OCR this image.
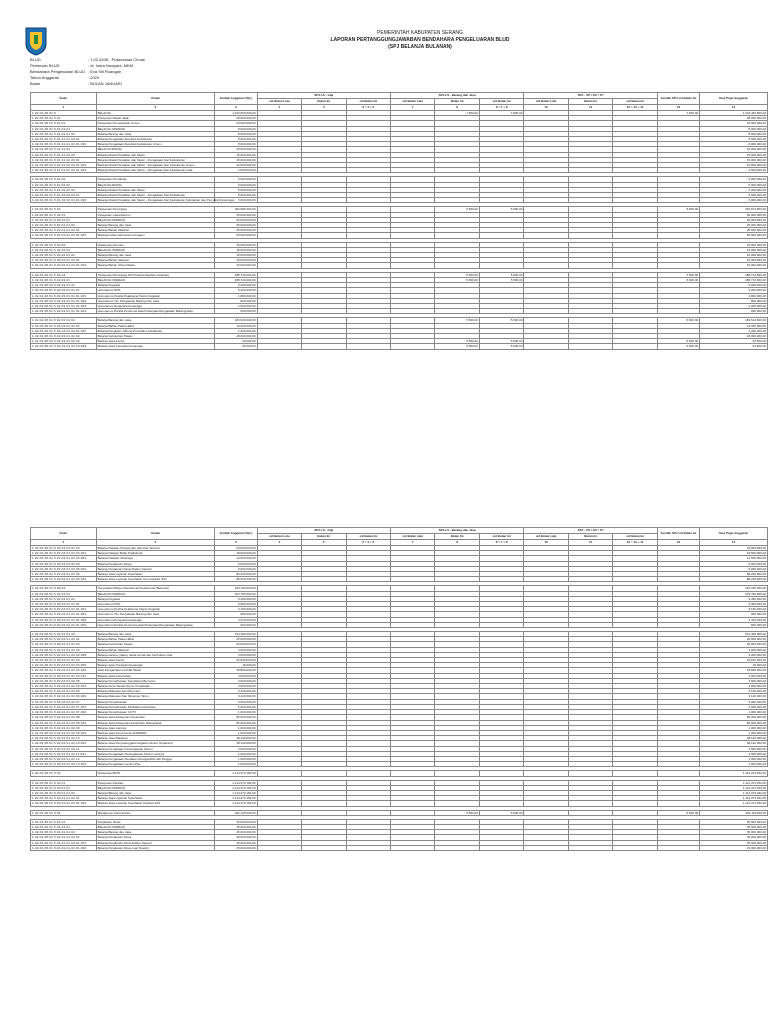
PEMERINTAH KABUPATEN SERANG
LAPORAN PERTANGGUNGJAWABAN BENDAHARA PENGELUARAN BLUD
(SPJ BELANJA BULANAN)
BLUD	: 1.02.0408 - Puskesmas Ciruas
Pemimpin BLUD	: dr. Indra Noviyani, MKM
Bendahara Pengeluaran BLUD : Eva Siti Ruangah
Tahun Anggaran	: 2020
Bulan	: BULAN JANUARI
Kode	Uraian	Jumlah Anggaran (Rp.)	SPJ-LS - Gaji			SPJ-LS - Barang dan Jasa			SPJ - UP / GU / TU			Jumlah SPJ s/d Bulan Ini	Sisa Pagu Anggaran
			s/d Bulan Lalu	Bulan Ini	s/d Bulan Ini	s/d Bulan Lalu	Bulan Ini	s/d Bulan Ini	s/d Bulan Lalu	Bulan Ini	s/d Bulan Ini		
1	2	3	4	5	6 = 4 + 5	7	8	9 = 7 + 8	10	11	12 = 10 + 11	13	14
1.02.02.08.01.5	BELANJA	1.103.500.000,00					7.500,00	7.500,00				7.500,00	1.103.492.500,00
1.02.02.08.01.5.01	Pelayanan Rawat Jalan	28.000.000,00											28.000.000,00
1.02.02.08.01.5.01.01	Pelayanan Pemeriksaan Umum	23.000.000,00											23.000.000,00
1.02.02.08.01.5.01.01.01	BELANJA OPERASI	8.000.000,00											8.000.000,00
1.02.02.08.01.5.01.01.01.02	Belanja Barang dan Jasa	8.000.000,00											8.000.000,00
1.02.02.08.01.5.01.01.01.02.01	Belanja Pengadaan Alat-Alat Kedokteran	8.000.000,00											8.000.000,00
1.02.02.08.01.5.01.01.01.02.01.001	Belanja Pengadaan Alat-Alat Kedokteran Umum	8.000.000,00											8.000.000,00
1.02.02.08.01.5.01.01.02	BELANJA MODAL	15.000.000,00											15.000.000,00
1.02.02.08.01.5.01.01.02.03	Belanja Modal Peralatan dan Mesin	15.000.000,00											15.000.000,00
1.02.02.08.01.5.01.01.02.03.01	Belanja Modal Peralatan dan Mesin - Pengadaan Alat Kedokteran	15.000.000,00											15.000.000,00
1.02.02.08.01.5.01.01.02.03.01.001	Belanja Modal Peralatan dan Mesin - Pengadaan Alat Kedokteran Umum	12.500.000,00											12.500.000,00
1.02.02.08.01.5.01.01.02.03.01.002	Belanja Modal Peralatan dan Mesin - Pengadaan Alat Kedokteran Anak	2.500.000,00											2.500.000,00

1.02.02.08.01.5.01.02	Pelayanan Persalinan	5.000.000,00											5.000.000,00
1.02.02.08.01.5.01.02.02	BELANJA MODAL	5.000.000,00											5.000.000,00
1.02.02.08.01.5.01.02.02.03	Belanja Modal Peralatan dan Mesin	5.000.000,00											5.000.000,00
1.02.02.08.01.5.01.02.02.03.01	Belanja Modal Peralatan dan Mesin - Pengadaan Alat Kedokteran	5.000.000,00											5.000.000,00
1.02.02.08.01.5.01.02.02.03.01.003	Belanja Modal Peralatan dan Mesin - Pengadaan Alat Kedokteran Kebidanan dan Penyakit Kandungan	5.000.000,00											5.000.000,00

1.02.02.08.01.5.02	Pelayanan Penunjang	302.680.000,00					5.500,00	5.500,00				5.500,00	302.674.500,00
1.02.02.08.01.5.02.01	Pelayanan Laboratorium	25.000.000,00											25.000.000,00
1.02.02.08.01.5.02.01.01	BELANJA OPERASI	25.000.000,00											25.000.000,00
1.02.02.08.01.5.02.01.01.02	Belanja Barang dan Jasa	25.000.000,00											25.000.000,00
1.02.02.08.01.5.02.01.01.02.01	Belanja Bahan Material	25.000.000,00											25.000.000,00
1.02.02.08.01.5.02.01.01.02.01.007	Belanja bahan laboratorium/reagen	25.000.000,00											25.000.000,00

1.02.02.08.01.5.02.02	Pelayanan Farmasi	15.000.000,00											15.000.000,00
1.02.02.08.01.5.02.02.01	BELANJA OPERASI	15.000.000,00											15.000.000,00
1.02.02.08.01.5.02.02.01.02	Belanja Barang dan Jasa	15.000.000,00											15.000.000,00
1.02.02.08.01.5.02.02.01.02.01	Belanja Bahan Material	15.000.000,00											15.000.000,00
1.02.02.08.01.5.02.02.01.02.01.004	Belanja Bahan Obat-Obatan	15.000.000,00											15.000.000,00

1.02.02.08.01.5.02.03	Pelayanan Penunjang JKN Puskesmas(Non Kapitasi)	188.720.000,00					5.500,00	5.500,00				5.500,00	188.714.500,00
1.02.02.08.01.5.02.03.01	BELANJA OPERASI	188.720.000,00					5.500,00	5.500,00				5.500,00	188.714.500,00
1.02.02.08.01.5.02.03.01.01	Belanja Pegawai	5.200.000,00											5.200.000,00
1.02.02.08.01.5.02.03.01.01.01	Honorarium PNS	5.200.000,00											5.200.000,00
1.02.02.08.01.5.02.03.01.01.01.001	Honorarium Panitia Pelaksana Teknis Kegiatan	1.800.000,00											1.800.000,00
1.02.02.08.01.5.02.03.01.01.01.002	Honorarium Tim Pengadaan Barang Dan Jasa	800.000,00											800.000,00
1.02.02.08.01.5.02.03.01.01.01.003	Honorarium Pengelola Keuangan	2.000.000,00											2.000.000,00
1.02.02.08.01.5.02.03.01.01.01.004	Honorarium Panitia Penerima Hasil Pekerjaan/Pengadaan Barang/Jasa	600.000,00											600.000,00

1.02.02.08.01.5.02.03.01.02	Belanja Barang dan Jasa	183.520.000,00					5.500,00	5.500,00				5.500,00	183.514.500,00
1.02.02.08.01.5.02.03.01.02.01	Belanja Bahan Pakai Habis	13.230.000,00											13.230.000,00
1.02.02.08.01.5.02.03.01.02.01.007	Belanja Pengisian Tabung Pemadam Kebakaran	2.230.000,00											2.230.000,00
1.02.02.08.01.5.02.03.01.02.02	Belanja Kebutuhan Pasien	18.000.000,00											18.000.000,00
1.02.02.08.01.5.02.03.01.02.03	Belanja Jasa Kantor	60.000,00					5.500,00	5.500,00				5.500,00	54.500,00
1.02.02.08.01.5.02.03.01.02.03.009	Belanja Jasa Transaksi Keuangan	60.000,00					5.500,00	5.500,00				5.500,00	54.500,00
Kode	Uraian	Jumlah Anggaran (Rp.)	SPJ-LS - Gaji			SPJ-LS - Barang dan Jasa			SPJ - UP / GU / TU			Jumlah SPJ s/d Bulan Ini	Sisa Pagu Anggaran
			s/d Bulan Lalu	Bulan Ini	s/d Bulan Ini	s/d Bulan Lalu	Bulan Ini	s/d Bulan Ini	s/d Bulan Lalu	Bulan Ini	s/d Bulan Ini		
1	2	3	4	5	6 = 4 + 5	7	8	9 = 7 + 8	10	11	12 = 10 + 11	13	14
1.02.02.08.01.5.02.03.01.02.04	Belanja Pakaian Khusus dan Hari-hari Tertentu	33.000.000,00											33.000.000,00
1.02.02.08.01.5.02.03.01.02.04.001	Belanja Pakaian Batik Tradisional	18.500.000,00											18.500.000,00
1.02.02.08.01.5.02.03.01.02.04.002	Belanja Pakaian Olahraga	14.500.000,00											14.500.000,00
1.02.02.08.01.5.02.03.01.02.05	Belanja Perjalanan Dinas	5.000.000,00											5.000.000,00
1.02.02.08.01.5.02.03.01.02.05.001	Belanja Perjalanan Dinas Dalam Daerah	5.000.000,00											5.000.000,00
1.02.02.08.01.5.02.03.01.02.06	Belanja Jasa Layanan Kesehatan	89.229.000,00											89.229.000,00
1.02.02.08.01.5.02.03.01.02.06.001	Belanja Jasa Layanan Kesehatan Non Kapitasi JKN	89.229.000,00											89.229.000,00

1.02.02.08.01.5.02.04	Penyediaan Biaya Operasional Puskesmas (Bantuan)	223.760.000,00											223.760.000,00
1.02.02.08.01.5.02.04.01	BELANJA OPERASI	223.760.000,00											223.760.000,00
1.02.02.08.01.5.02.04.01.01	Belanja Pegawai	9.360.000,00											9.360.000,00
1.02.02.08.01.5.02.04.01.01.01	Honorarium PNS	9.360.000,00											9.360.000,00
1.02.02.08.01.5.02.04.01.01.01.001	Honorarium Panitia Pelaksana Teknis Kegiatan	3.150.000,00											3.150.000,00
1.02.02.08.01.5.02.04.01.01.01.002	Honorarium Tim Pengadaan Barang Dan Jasa	900.000,00											900.000,00
1.02.02.08.01.5.02.04.01.01.01.003	Honorarium Pengelola Keuangan	4.410.000,00											4.410.000,00
1.02.02.08.01.5.02.04.01.01.01.004	Honorarium Panitia Penerima Hasil Pekerjaan/Pengadaan Barang/Jasa	900.000,00											900.000,00

1.02.02.08.01.5.02.04.01.02	Belanja Barang dan Jasa	214.400.000,00											214.400.000,00
1.02.02.08.01.5.02.04.01.02.01	Belanja Bahan Pakai Habis	25.000.000,00											25.000.000,00
1.02.02.08.01.5.02.04.01.02.02	Belanja Kebutuhan Pasien	25.000.000,00											25.000.000,00
1.02.02.08.01.5.02.04.01.02.03	Belanja Bahan Material	3.000.000,00											3.000.000,00
1.02.02.08.01.5.02.04.01.02.03.009	Belanja sarana, pakan, lantai ternak dan tumbuhan obat	3.000.000,00											3.000.000,00
1.02.02.08.01.5.02.04.01.02.04	Belanja Jasa Kantor	22.815.000,00											22.815.000,00
1.02.02.08.01.5.02.04.01.02.04.009	Belanja Jasa Transaksi Keuangan	15.000,00											15.000,00
1.02.02.08.01.5.02.04.01.02.04.010	Jasa Pengelolaan Limbah Medis	18.800.000,00											18.800.000,00
1.02.02.08.01.5.02.04.01.02.04.011	Belanja Jasa Kebersihan	4.000.000,00											4.000.000,00
1.02.02.08.01.5.02.04.01.02.05	Belanja Pemeliharaan Kendaraan Bermotor	3.600.000,00											3.600.000,00
1.02.02.08.01.5.02.04.01.02.05.001	Belanja Surat Tanda Nomor Kendaraan	3.600.000,00											3.600.000,00
1.02.02.08.01.5.02.04.01.02.06	Belanja Makanan dan Minuman	3.120.000,00											3.120.000,00
1.02.02.08.01.5.02.04.01.02.06.001	Belanja Makanan Dan Minuman Tamu	3.120.000,00											3.120.000,00
1.02.02.08.01.5.02.04.01.02.07	Belanja Pemeliharaan	3.000.000,00											3.000.000,00
1.02.02.08.01.5.02.04.01.02.07.001	Belanja Pemeliharaan Peralatan Kesehatan	2.000.000,00											2.000.000,00
1.02.02.08.01.5.02.04.01.02.07.002	Belanja Pemeliharaan CCTV	1.000.000,00											1.000.000,00
1.02.02.08.01.5.02.04.01.02.08	Belanja Jasa Pelayanan Kesehatan	82.000.000,00											82.000.000,00
1.02.02.08.01.5.02.04.01.02.08.001	Belanja Jasa Pelayanan Kesehatan Masyarakat	82.000.000,00											82.000.000,00
1.02.02.08.01.5.02.04.01.02.09	Belanja Jasa Lainnya	1.000.000,00											1.000.000,00
1.02.02.08.01.5.02.04.01.02.09.001	Belanja Jasa Penyusunan RAB/DED	1.000.000,00											1.000.000,00
1.02.02.08.01.5.02.04.01.02.10	Belanja Jasa Rekanan	48.140.000,00											48.140.000,00
1.02.02.08.01.5.02.04.01.02.10.001	Belanja Jasa Penyelenggara Kegiatan (Event Organizer)	48.140.000,00											48.140.000,00
1.02.02.08.01.5.02.04.01.02.11	Belanja Pengadaan Perlengkapan Kantor	2.500.000,00											2.500.000,00
1.02.02.08.01.5.02.04.01.02.11.001	Belanja Pengadaan Perlengkapan Kantor Lainnya	2.500.000,00											2.500.000,00
1.02.02.08.01.5.02.04.01.02.12	Belanja Pengadaan Peralatan Ruangan/Rumah Tangga	1.000.000,00											1.000.000,00
1.02.02.08.01.5.02.04.01.02.12.001	Belanja Pengadaan Lampu Pias	1.000.000,00											1.000.000,00

1.02.02.08.01.5.03	Pelayanan BPJS	1.114.373.182,00											1.114.373.182,00

1.02.02.08.01.5.03.01	Pelayanan Kapitasi	1.114.373.182,00											1.114.373.182,00
1.02.02.08.01.5.03.01.01	BELANJA OPERASI	1.114.373.182,00											1.114.373.182,00
1.02.02.08.01.5.03.01.01.02	Belanja Barang dan Jasa	1.114.373.182,00											1.114.373.182,00
1.02.02.08.01.5.03.01.01.02.01	Belanja Jasa Layanan Kesehatan	1.114.373.182,00											1.114.373.182,00
1.02.02.08.01.5.03.01.01.02.01.001	Belanja Jasa Layanan Kesehatan Kapitasi JKN	1.114.373.182,00											1.114.373.182,00

1.02.02.08.01.5.04	Manajemen Administrasi	322.125.000,00					5.500,00	5.500,00				5.500,00	322.119.500,00

1.02.02.08.01.5.04.01	Perjalanan Dinas	45.000.000,00											45.000.000,00
1.02.02.08.01.5.04.01.01	BELANJA OPERASI	45.000.000,00											45.000.000,00
1.02.02.08.01.5.04.01.01.02	Belanja Barang dan Jasa	45.000.000,00											45.000.000,00
1.02.02.08.01.5.04.01.01.02.01	Belanja Perjalanan Dinas	45.000.000,00											45.000.000,00
1.02.02.08.01.5.04.01.01.02.01.001	Belanja Perjalanan Dinas Dalam Daerah	30.000.000,00											30.000.000,00
1.02.02.08.01.5.04.01.01.02.01.002	Belanja Perjalanan Dinas Luar Daerah	15.000.000,00											15.000.000,00
